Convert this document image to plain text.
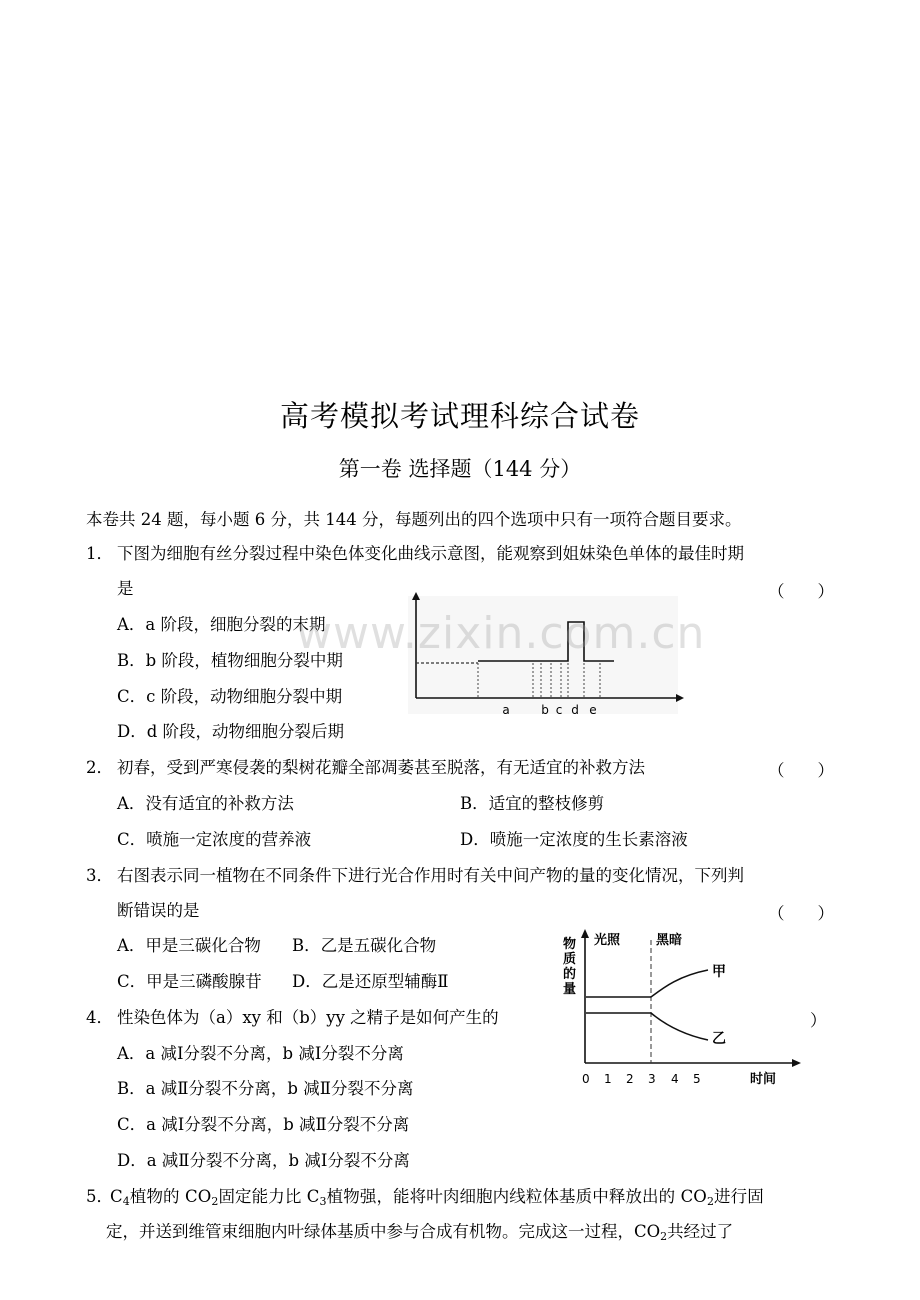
高考模拟考试理科综合试卷
第一卷 选择题（144 分）
本卷共 24 题，每小题 6 分，共 144 分，每题列出的四个选项中只有一项符合题目要求。
1． 下图为细胞有丝分裂过程中染色体变化曲线示意图，能观察到姐妹染色单体的最佳时期
是	（　　）
A．a 阶段，细胞分裂的末期
B．b 阶段，植物细胞分裂中期
C．c 阶段，动物细胞分裂中期
D．d 阶段，动物细胞分裂后期
a	b c d e
2． 初春，受到严寒侵袭的梨树花瓣全部凋萎甚至脱落，有无适宜的补救方法	（　　）
A．没有适宜的补救方法	B．适宜的整枝修剪
C．喷施一定浓度的营养液	D．喷施一定浓度的生长素溶液
3． 右图表示同一植物在不同条件下进行光合作用时有关中间产物的量的变化情况，下列判
断错误的是	（　　）
A．甲是三碳化合物 B．乙是五碳化合物
C．甲是三磷酸腺苷 D．乙是还原型辅酶Ⅱ
物
质
的
量
光照	黑暗
甲
乙
0 1 2 3 4 5	时间
4． 性染色体为（a）xy 和（b）yy 之精子是如何产生的	）
A．a 减Ⅰ分裂不分离，b 减Ⅰ分裂不分离
B．a 减Ⅱ分裂不分离，b 减Ⅱ分裂不分离
C．a 减Ⅰ分裂不分离，b 减Ⅱ分裂不分离
D．a 减Ⅱ分裂不分离，b 减Ⅰ分裂不分离
5．
$C_4$植物的 $CO_2$固定能力比 $C_3$植物强，能将叶肉细胞内线粒体基质中释放出的 $CO_2$进行固
定，并送到维管束细胞内叶绿体基质中参与合成有机物。完成这一过程，$CO_2$共经过了
www.zixin.com.cn
